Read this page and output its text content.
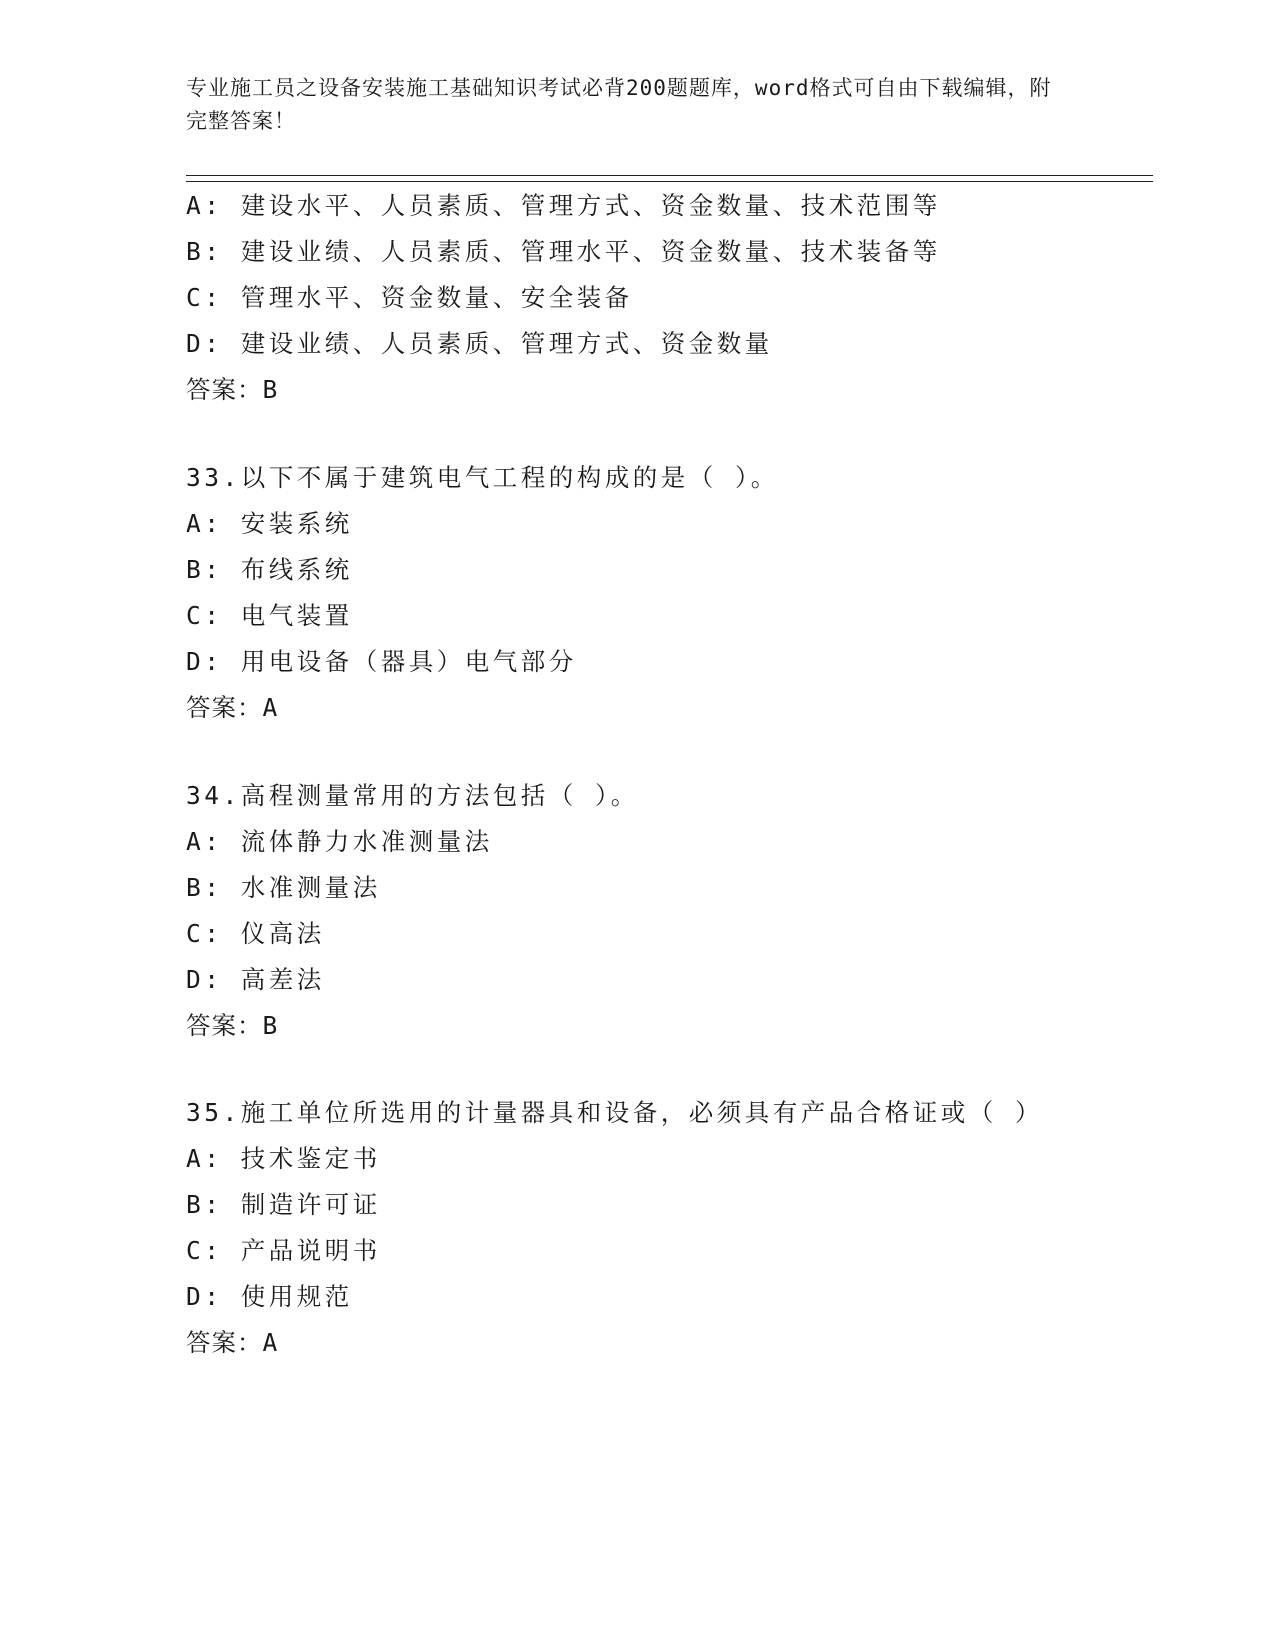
专业施工员之设备安装施工基础知识考试必背200题题库，word格式可自由下载编辑，附完整答案！
A: 建设水平、人员素质、管理方式、资金数量、技术范围等
B: 建设业绩、人员素质、管理水平、资金数量、技术装备等
C: 管理水平、资金数量、安全装备
D: 建设业绩、人员素质、管理方式、资金数量
答案：B
33.以下不属于建筑电气工程的构成的是（ ）。
A: 安装系统
B: 布线系统
C: 电气装置
D: 用电设备（器具）电气部分
答案：A
34.高程测量常用的方法包括（ ）。
A: 流体静力水准测量法
B: 水准测量法
C: 仪高法
D: 高差法
答案：B
35.施工单位所选用的计量器具和设备，必须具有产品合格证或（ ）
A: 技术鉴定书
B: 制造许可证
C: 产品说明书
D: 使用规范
答案：A
